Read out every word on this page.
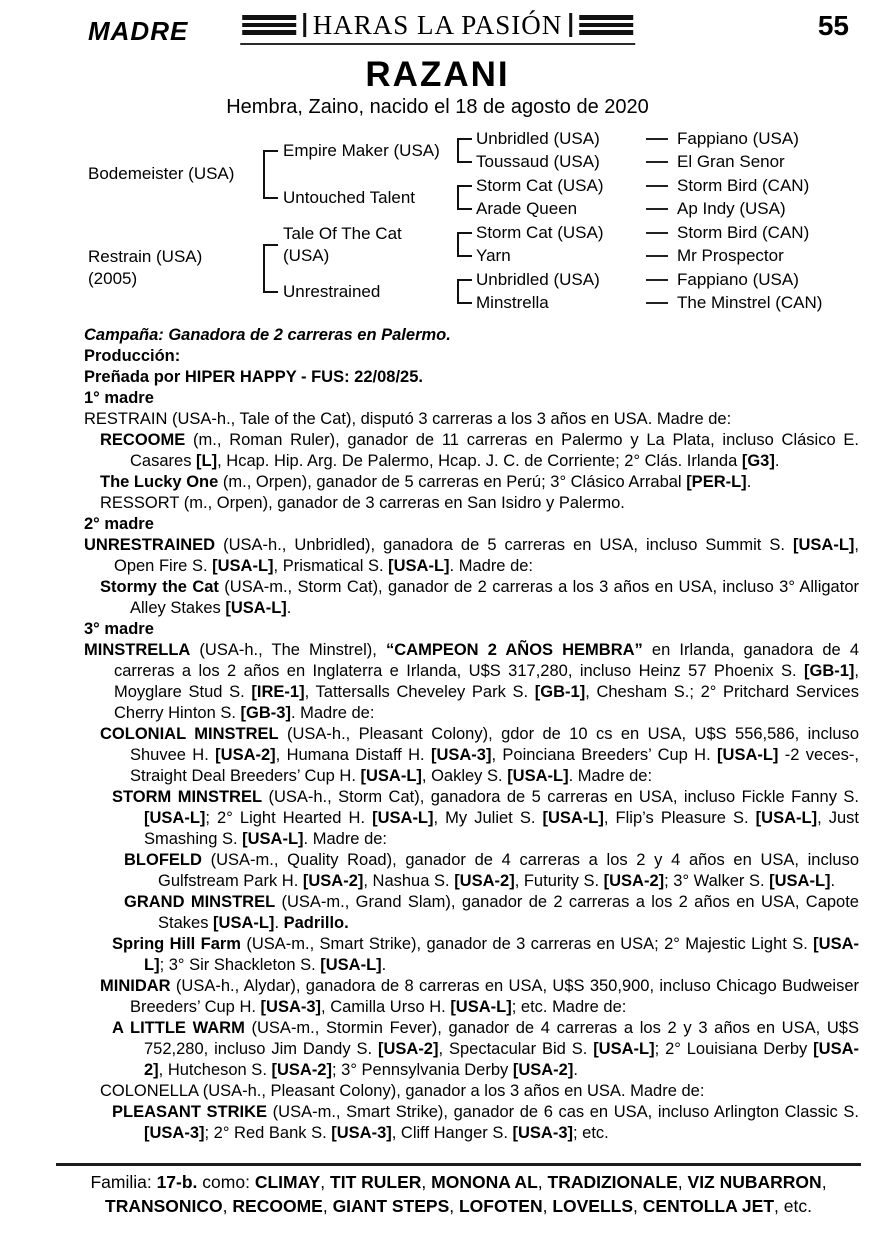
MADRE	HARAS LA PASIÓN	55
RAZANI
Hembra, Zaino, nacido el 18 de agosto de 2020
Bodemeister (USA)
Restrain (USA)
(2005)
Empire Maker (USA)
Untouched Talent
Tale Of The Cat (USA)
Unrestrained
Unbridled (USA)
Toussaud (USA)
Storm Cat (USA)
Arade Queen
Storm Cat (USA)
Yarn
Unbridled (USA)
Minstrella
Fappiano (USA)
El Gran Senor
Storm Bird (CAN)
Ap Indy (USA)
Storm Bird (CAN)
Mr Prospector
Fappiano (USA)
The Minstrel (CAN)

Campaña: Ganadora de 2 carreras en Palermo.

Producción:

Preñada por HIPER HAPPY - FUS: 22/08/25.

1° madre

RESTRAIN (USA-h., Tale of the Cat), disputó 3 carreras a los 3 años en USA. Madre de:

RECOOME (m., Roman Ruler), ganador de 11 carreras en Palermo y La Plata, incluso Clásico E. Casares [L], Hcap. Hip. Arg. De Palermo, Hcap. J. C. de Corriente; 2° Clás. Irlanda [G3].

The Lucky One (m., Orpen), ganador de 5 carreras en Perú; 3° Clásico Arrabal [PER-L].

RESSORT (m., Orpen), ganador de 3 carreras en San Isidro y Palermo.

2° madre

UNRESTRAINED (USA-h., Unbridled), ganadora de 5 carreras en USA, incluso Summit S. [USA-L], Open Fire S. [USA-L], Prismatical S. [USA-L]. Madre de:

Stormy the Cat (USA-m., Storm Cat), ganador de 2 carreras a los 3 años en USA, incluso 3° Alligator Alley Stakes [USA-L].

3° madre

MINSTRELLA (USA-h., The Minstrel), “CAMPEON 2 AÑOS HEMBRA” en Irlanda, ganadora de 4 carreras a los 2 años en Inglaterra e Irlanda, U$S 317,280, incluso Heinz 57 Phoenix S. [GB-1], Moyglare Stud S. [IRE-1], Tattersalls Cheveley Park S. [GB-1], Chesham S.; 2° Pritchard Services Cherry Hinton S. [GB-3]. Madre de:

COLONIAL MINSTREL (USA-h., Pleasant Colony), gdor de 10 cs en USA, U$S 556,586, incluso Shuvee H. [USA-2], Humana Distaff H. [USA-3], Poinciana Breeders’ Cup H. [USA-L] -2 veces-, Straight Deal Breeders’ Cup H. [USA-L], Oakley S. [USA-L]. Madre de:

STORM MINSTREL (USA-h., Storm Cat), ganadora de 5 carreras en USA, incluso Fickle Fanny S. [USA-L]; 2° Light Hearted H. [USA-L], My Juliet S. [USA-L], Flip’s Pleasure S. [USA-L], Just Smashing S. [USA-L]. Madre de:

BLOFELD (USA-m., Quality Road), ganador de 4 carreras a los 2 y 4 años en USA, incluso Gulfstream Park H. [USA-2], Nashua S. [USA-2], Futurity S. [USA-2]; 3° Walker S. [USA-L].

GRAND MINSTREL (USA-m., Grand Slam), ganador de 2 carreras a los 2 años en USA, Capote Stakes [USA-L]. Padrillo.

Spring Hill Farm (USA-m., Smart Strike), ganador de 3 carreras en USA; 2° Majestic Light S. [USA-L]; 3° Sir Shackleton S. [USA-L].

MINIDAR (USA-h., Alydar), ganadora de 8 carreras en USA, U$S 350,900, incluso Chicago Budweiser Breeders’ Cup H. [USA-3], Camilla Urso H. [USA-L]; etc. Madre de:

A LITTLE WARM (USA-m., Stormin Fever), ganador de 4 carreras a los 2 y 3 años en USA, U$S 752,280, incluso Jim Dandy S. [USA-2], Spectacular Bid S. [USA-L]; 2° Louisiana Derby [USA-2], Hutcheson S. [USA-2]; 3° Pennsylvania Derby [USA-2].

COLONELLA (USA-h., Pleasant Colony), ganador a los 3 años en USA. Madre de:

PLEASANT STRIKE (USA-m., Smart Strike), ganador de 6 cas en USA, incluso Arlington Classic S. [USA-3]; 2° Red Bank S. [USA-3], Cliff Hanger S. [USA-3]; etc.

Familia: 17-b. como: CLIMAY, TIT RULER, MONONA AL, TRADIZIONALE, VIZ NUBARRON, TRANSONICO, RECOOME, GIANT STEPS, LOFOTEN, LOVELLS, CENTOLLA JET, etc.
